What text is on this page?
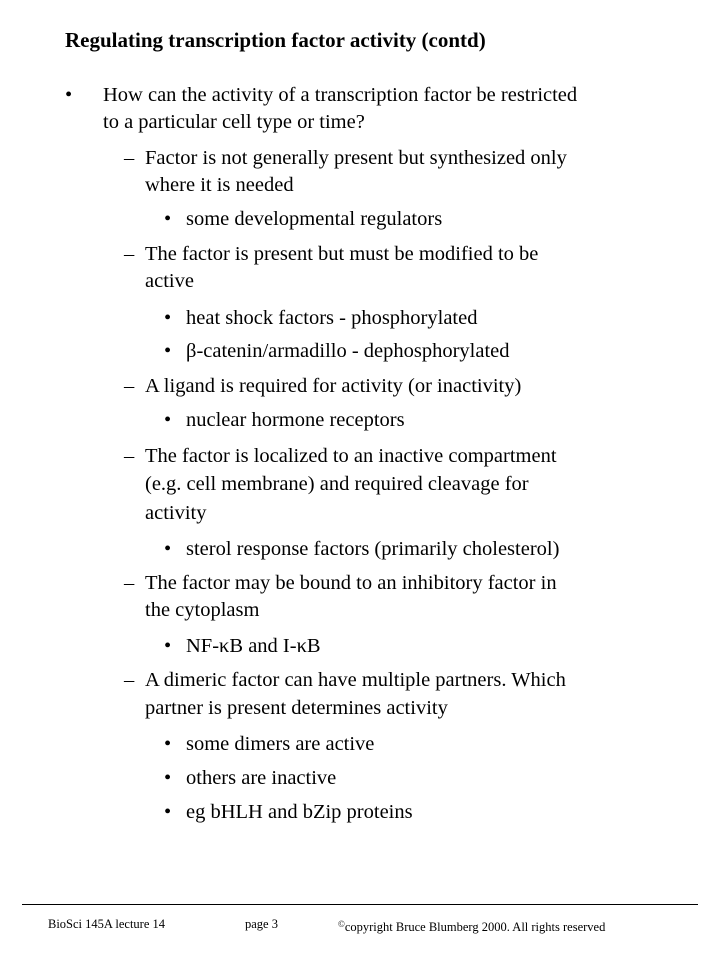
Regulating transcription factor activity (contd)
• How can the activity of a transcription factor be restricted
to a particular cell type or time?
– Factor is not generally present but synthesized only
where it is needed
• some developmental regulators
– The factor is present but must be modified to be
active
• heat shock factors - phosphorylated
• β-catenin/armadillo - dephosphorylated
– A ligand is required for activity (or inactivity)
• nuclear hormone receptors
– The factor is localized to an inactive compartment
(e.g. cell membrane) and required cleavage for
activity
• sterol response factors (primarily cholesterol)
– The factor may be bound to an inhibitory factor in
the cytoplasm
• NF-κB and I-κB
– A dimeric factor can have multiple partners. Which
partner is present determines activity
• some dimers are active
• others are inactive
• eg bHLH and bZip proteins
BioSci 145A lecture 14	page 3	©copyright Bruce Blumberg 2000. All rights reserved
